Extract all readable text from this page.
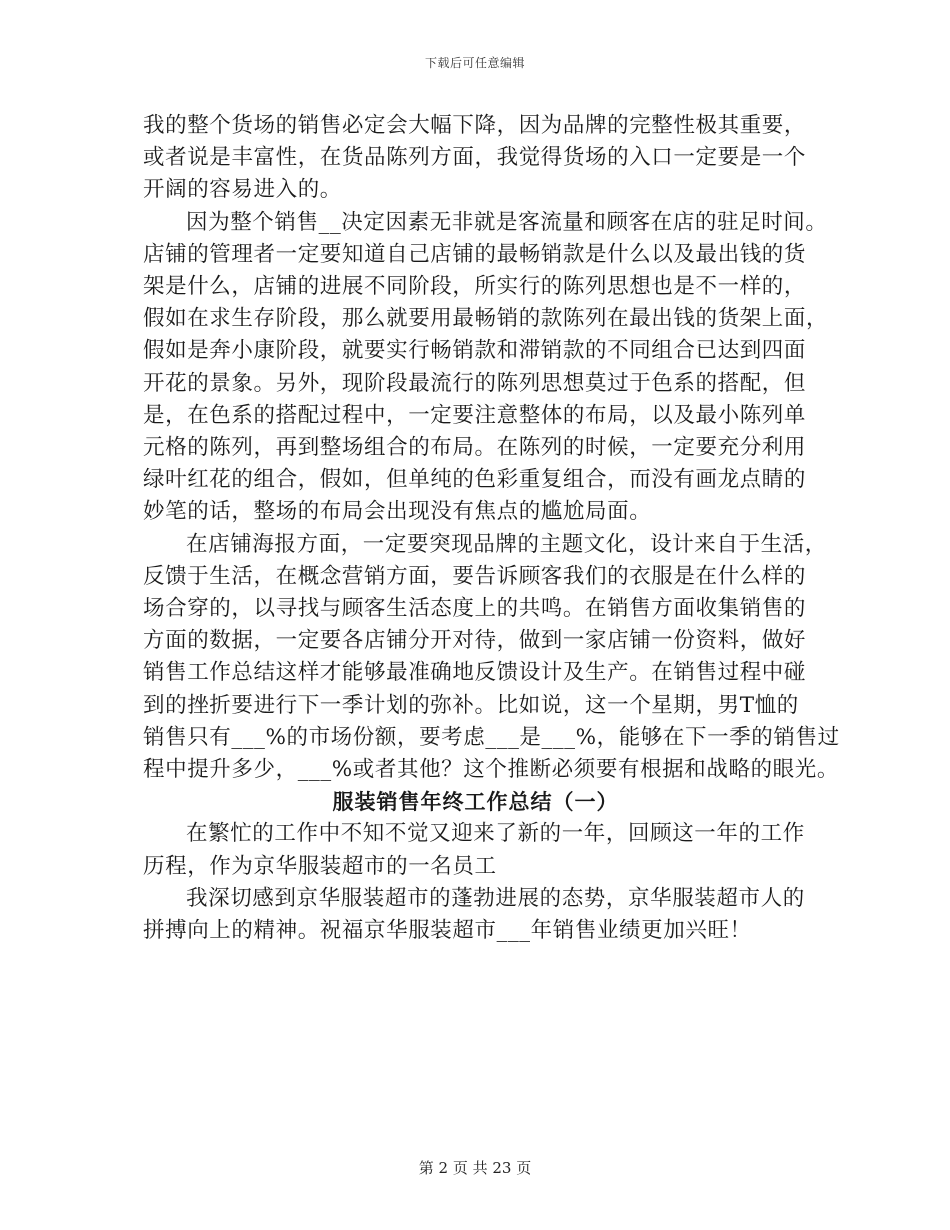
下载后可任意编辑
我的整个货场的销售必定会大幅下降，因为品牌的完整性极其重要，
或者说是丰富性，在货品陈列方面，我觉得货场的入口一定要是一个
开阔的容易进入的。
因为整个销售__决定因素无非就是客流量和顾客在店的驻足时间。
店铺的管理者一定要知道自己店铺的最畅销款是什么以及最出钱的货
架是什么，店铺的进展不同阶段，所实行的陈列思想也是不一样的，
假如在求生存阶段，那么就要用最畅销的款陈列在最出钱的货架上面，
假如是奔小康阶段，就要实行畅销款和滞销款的不同组合已达到四面
开花的景象。另外，现阶段最流行的陈列思想莫过于色系的搭配，但
是，在色系的搭配过程中，一定要注意整体的布局，以及最小陈列单
元格的陈列，再到整场组合的布局。在陈列的时候，一定要充分利用
绿叶红花的组合，假如，但单纯的色彩重复组合，而没有画龙点睛的
妙笔的话，整场的布局会出现没有焦点的尴尬局面。
在店铺海报方面，一定要突现品牌的主题文化，设计来自于生活，
反馈于生活，在概念营销方面，要告诉顾客我们的衣服是在什么样的
场合穿的，以寻找与顾客生活态度上的共鸣。在销售方面收集销售的
方面的数据，一定要各店铺分开对待，做到一家店铺一份资料，做好
销售工作总结这样才能够最准确地反馈设计及生产。在销售过程中碰
到的挫折要进行下一季计划的弥补。比如说，这一个星期，男T恤的
销售只有___%的市场份额，要考虑___是___%，能够在下一季的销售过
程中提升多少，___%或者其他？这个推断必须要有根据和战略的眼光。
服装销售年终工作总结（一）
在繁忙的工作中不知不觉又迎来了新的一年，回顾这一年的工作
历程，作为京华服装超市的一名员工
我深切感到京华服装超市的蓬勃进展的态势，京华服装超市人的
拼搏向上的精神。祝福京华服装超市___年销售业绩更加兴旺！
第 2 页 共 23 页
